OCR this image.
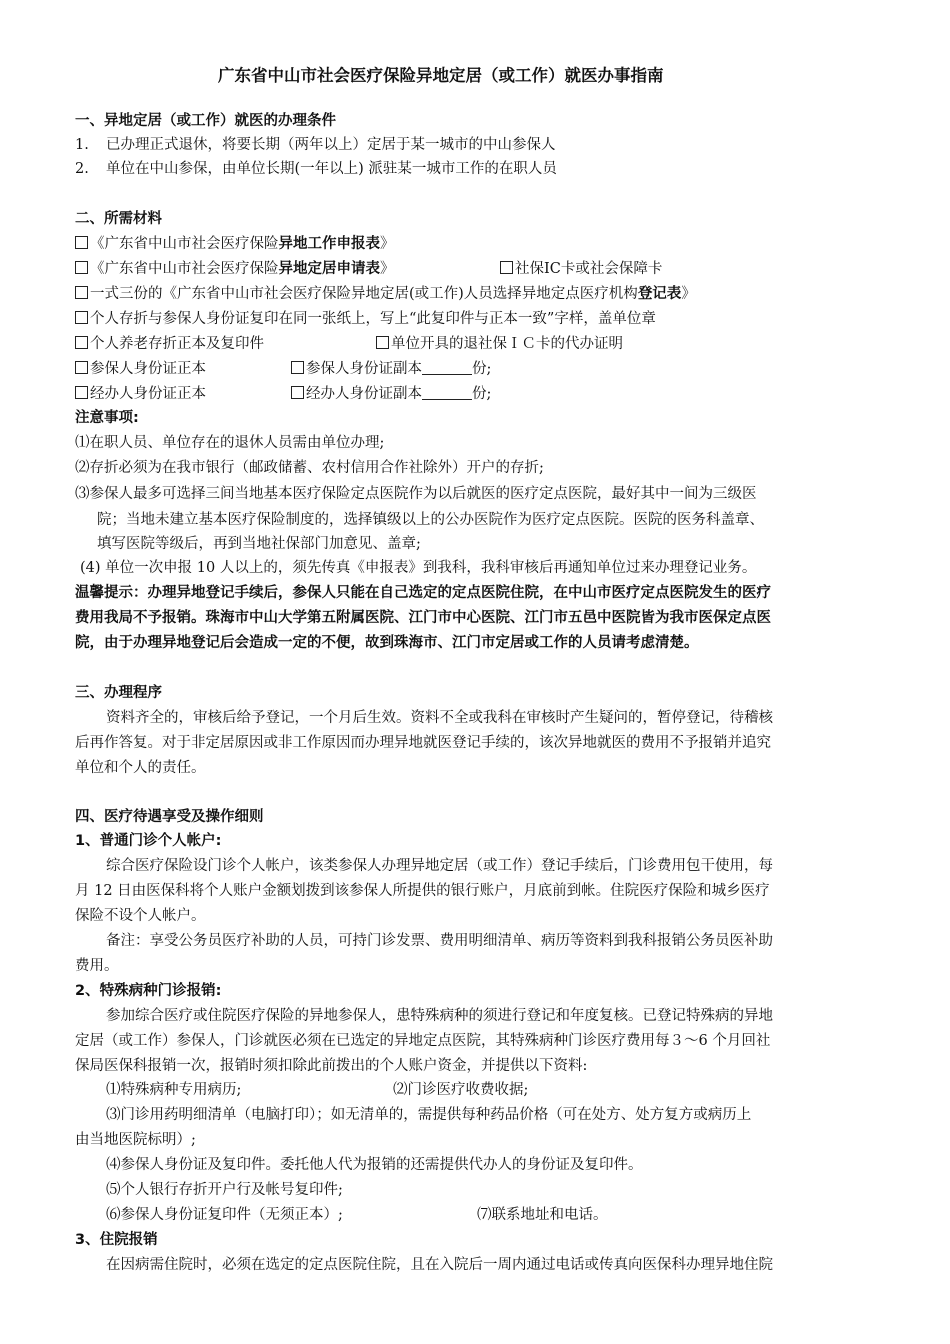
广东省中山市社会医疗保险异地定居（或工作）就医办事指南
一、异地定居（或工作）就医的办理条件
1. 已办理正式退休，将要长期（两年以上）定居于某一城市的中山参保人
2. 单位在中山参保，由单位长期(一年以上) 派驻某一城市工作的在职人员
二、所需材料
《广东省中山市社会医疗保险异地工作申报表》
《广东省中山市社会医疗保险异地定居申请表》	社保IC卡或社会保障卡
一式三份的《广东省中山市社会医疗保险异地定居(或工作)人员选择异地定点医疗机构登记表》
个人存折与参保人身份证复印在同一张纸上，写上“此复印件与正本一致”字样，盖单位章
个人养老存折正本及复印件	单位开具的退社保ＩＣ卡的代办证明
参保人身份证正本	参保人身份证副本	份;
经办人身份证正本	经办人身份证副本	份;
注意事项:
⑴在职人员、单位存在的退休人员需由单位办理;
⑵存折必须为在我市银行（邮政储蓄、农村信用合作社除外）开户的存折;
⑶参保人最多可选择三间当地基本医疗保险定点医院作为以后就医的医疗定点医院，最好其中一间为三级医
院；当地未建立基本医疗保险制度的，选择镇级以上的公办医院作为医疗定点医院。医院的医务科盖章、
填写医院等级后，再到当地社保部门加意见、盖章;
(4) 单位一次申报 10 人以上的，须先传真《申报表》到我科，我科审核后再通知单位过来办理登记业务。
温馨提示：办理异地登记手续后，参保人只能在自己选定的定点医院住院，在中山市医疗定点医院发生的医疗
费用我局不予报销。珠海市中山大学第五附属医院、江门市中心医院、江门市五邑中医院皆为我市医保定点医
院，由于办理异地登记后会造成一定的不便，故到珠海市、江门市定居或工作的人员请考虑清楚。
三、办理程序
资料齐全的，审核后给予登记，一个月后生效。资料不全或我科在审核时产生疑问的，暂停登记，待稽核
后再作答复。对于非定居原因或非工作原因而办理异地就医登记手续的，该次异地就医的费用不予报销并追究
单位和个人的责任。
四、医疗待遇享受及操作细则
1、普通门诊个人帐户:
综合医疗保险设门诊个人帐户，该类参保人办理异地定居（或工作）登记手续后，门诊费用包干使用，每
月 12 日由医保科将个人账户金额划拨到该参保人所提供的银行账户，月底前到帐。住院医疗保险和城乡医疗
保险不设个人帐户。
备注：享受公务员医疗补助的人员，可持门诊发票、费用明细清单、病历等资料到我科报销公务员医补助
费用。
2、特殊病种门诊报销:
参加综合医疗或住院医疗保险的异地参保人，患特殊病种的须进行登记和年度复核。已登记特殊病的异地
定居（或工作）参保人，门诊就医必须在已选定的异地定点医院，其特殊病种门诊医疗费用每３～6 个月回社
保局医保科报销一次，报销时须扣除此前拨出的个人账户资金，并提供以下资料:
⑴特殊病种专用病历;	⑵门诊医疗收费收据;
⑶门诊用药明细清单（电脑打印）；如无清单的，需提供每种药品价格（可在处方、处方复方或病历上
由当地医院标明）;
⑷参保人身份证及复印件。委托他人代为报销的还需提供代办人的身份证及复印件。
⑸个人银行存折开户行及帐号复印件;
⑹参保人身份证复印件（无须正本）;	⑺联系地址和电话。
3、住院报销
在因病需住院时，必须在选定的定点医院住院，且在入院后一周内通过电话或传真向医保科办理异地住院
